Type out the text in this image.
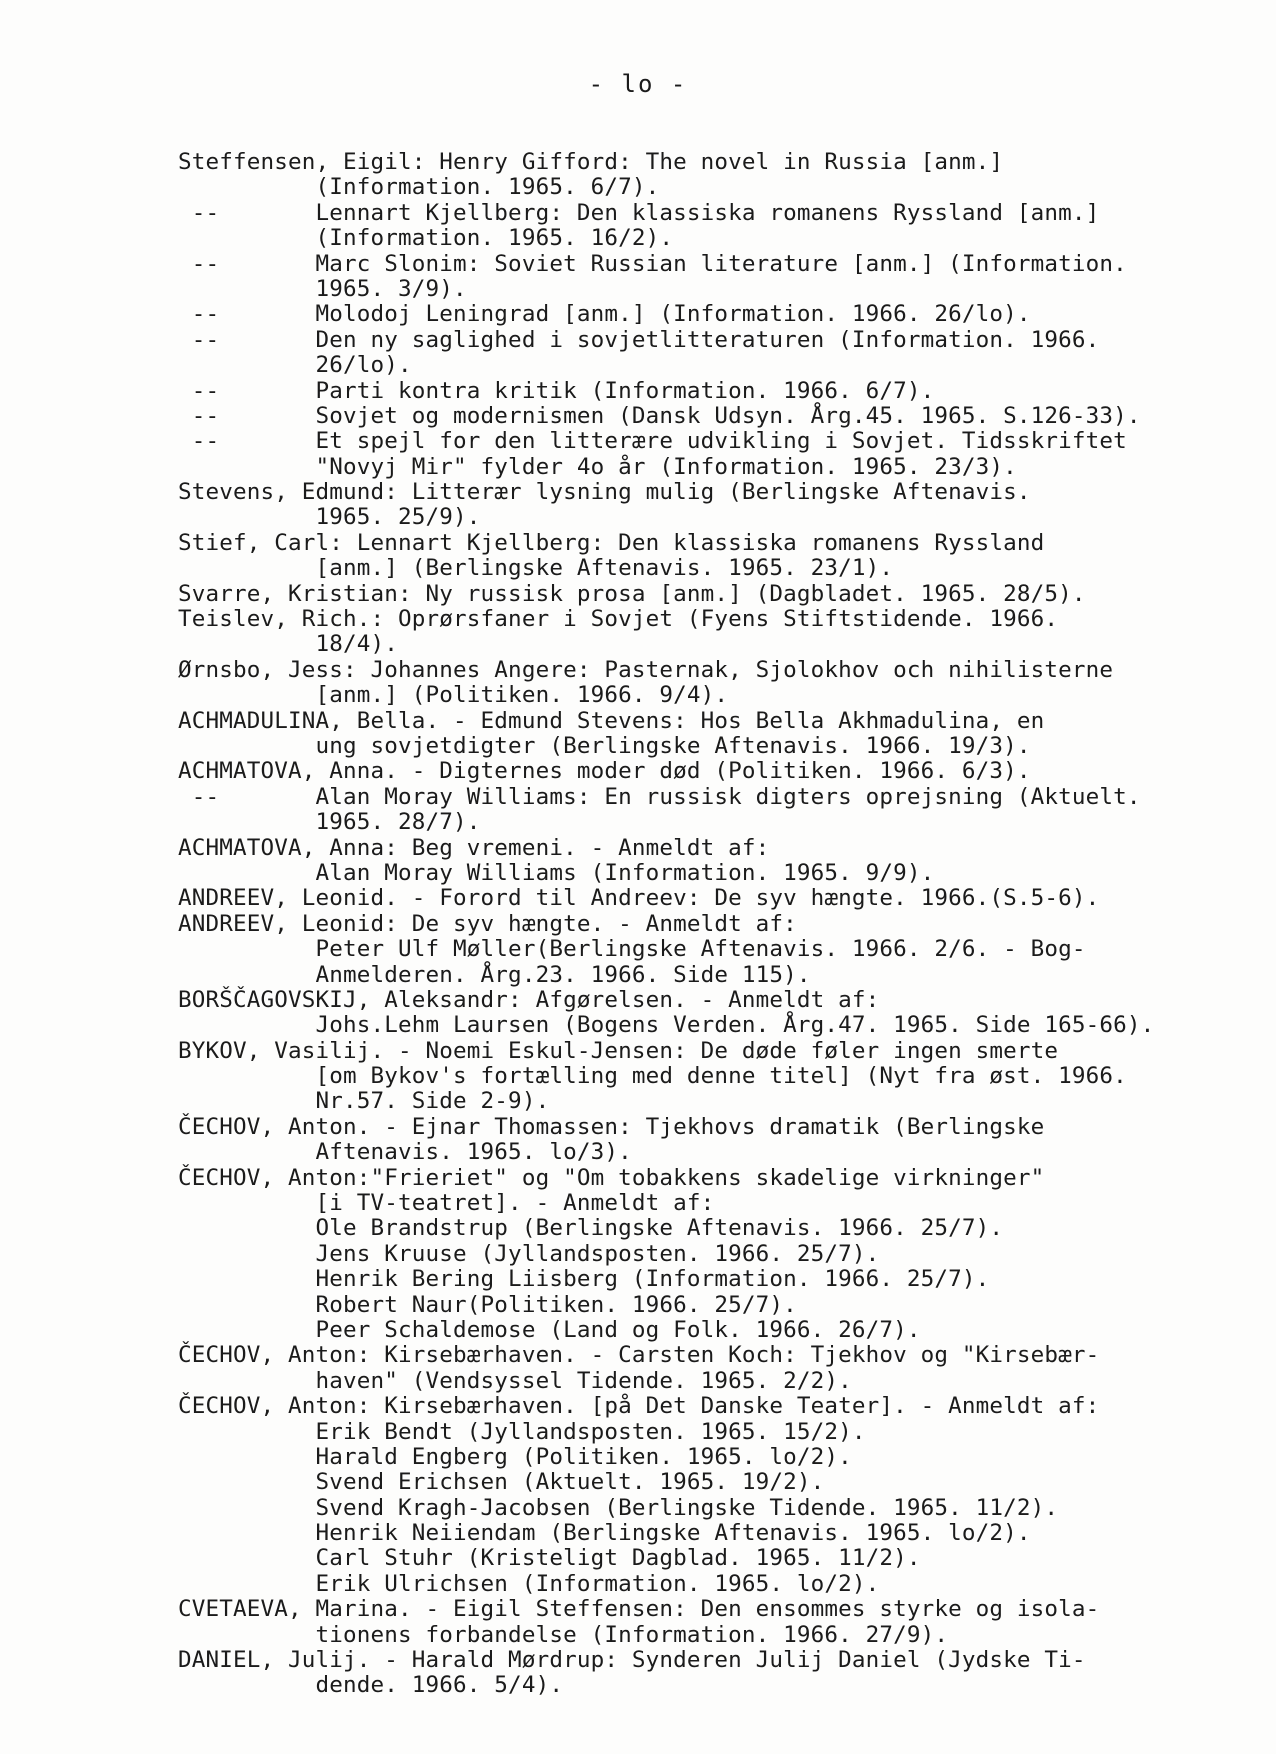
- lo -
Steffensen, Eigil: Henry Gifford: The novel in Russia [anm.]
(Information. 1965. 6/7).
--       Lennart Kjellberg: Den klassiska romanens Ryssland [anm.]
(Information. 1965. 16/2).
--       Marc Slonim: Soviet Russian literature [anm.] (Information.
1965. 3/9).
--       Molodoj Leningrad [anm.] (Information. 1966. 26/lo).
--       Den ny saglighed i sovjetlitteraturen (Information. 1966.
26/lo).
--       Parti kontra kritik (Information. 1966. 6/7).
--       Sovjet og modernismen (Dansk Udsyn. Årg.45. 1965. S.126-33).
--       Et spejl for den litterære udvikling i Sovjet. Tidsskriftet
"Novyj Mir" fylder 4o år (Information. 1965. 23/3).
Stevens, Edmund: Litterær lysning mulig (Berlingske Aftenavis.
1965. 25/9).
Stief, Carl: Lennart Kjellberg: Den klassiska romanens Ryssland
[anm.] (Berlingske Aftenavis. 1965. 23/1).
Svarre, Kristian: Ny russisk prosa [anm.] (Dagbladet. 1965. 28/5).
Teislev, Rich.: Oprørsfaner i Sovjet (Fyens Stiftstidende. 1966.
18/4).
Ørnsbo, Jess: Johannes Angere: Pasternak, Sjolokhov och nihilisterne
[anm.] (Politiken. 1966. 9/4).
ACHMADULINA, Bella. - Edmund Stevens: Hos Bella Akhmadulina, en
ung sovjetdigter (Berlingske Aftenavis. 1966. 19/3).
ACHMATOVA, Anna. - Digternes moder død (Politiken. 1966. 6/3).
--       Alan Moray Williams: En russisk digters oprejsning (Aktuelt.
1965. 28/7).
ACHMATOVA, Anna: Beg vremeni. - Anmeldt af:
Alan Moray Williams (Information. 1965. 9/9).
ANDREEV, Leonid. - Forord til Andreev: De syv hængte. 1966.(S.5-6).
ANDREEV, Leonid: De syv hængte. - Anmeldt af:
Peter Ulf Møller(Berlingske Aftenavis. 1966. 2/6. - Bog-
Anmelderen. Årg.23. 1966. Side 115).
BORŠČAGOVSKIJ, Aleksandr: Afgørelsen. - Anmeldt af:
Johs.Lehm Laursen (Bogens Verden. Årg.47. 1965. Side 165-66).
BYKOV, Vasilij. - Noemi Eskul-Jensen: De døde føler ingen smerte
[om Bykov's fortælling med denne titel] (Nyt fra øst. 1966.
Nr.57. Side 2-9).
ČECHOV, Anton. - Ejnar Thomassen: Tjekhovs dramatik (Berlingske
Aftenavis. 1965. lo/3).
ČECHOV, Anton:"Frieriet" og "Om tobakkens skadelige virkninger"
[i TV-teatret]. - Anmeldt af:
Ole Brandstrup (Berlingske Aftenavis. 1966. 25/7).
Jens Kruuse (Jyllandsposten. 1966. 25/7).
Henrik Bering Liisberg (Information. 1966. 25/7).
Robert Naur(Politiken. 1966. 25/7).
Peer Schaldemose (Land og Folk. 1966. 26/7).
ČECHOV, Anton: Kirsebærhaven. - Carsten Koch: Tjekhov og "Kirsebær-
haven" (Vendsyssel Tidende. 1965. 2/2).
ČECHOV, Anton: Kirsebærhaven. [på Det Danske Teater]. - Anmeldt af:
Erik Bendt (Jyllandsposten. 1965. 15/2).
Harald Engberg (Politiken. 1965. lo/2).
Svend Erichsen (Aktuelt. 1965. 19/2).
Svend Kragh-Jacobsen (Berlingske Tidende. 1965. 11/2).
Henrik Neiiendam (Berlingske Aftenavis. 1965. lo/2).
Carl Stuhr (Kristeligt Dagblad. 1965. 11/2).
Erik Ulrichsen (Information. 1965. lo/2).
CVETAEVA, Marina. - Eigil Steffensen: Den ensommes styrke og isola-
tionens forbandelse (Information. 1966. 27/9).
DANIEL, Julij. - Harald Mørdrup: Synderen Julij Daniel (Jydske Ti-
dende. 1966. 5/4).
